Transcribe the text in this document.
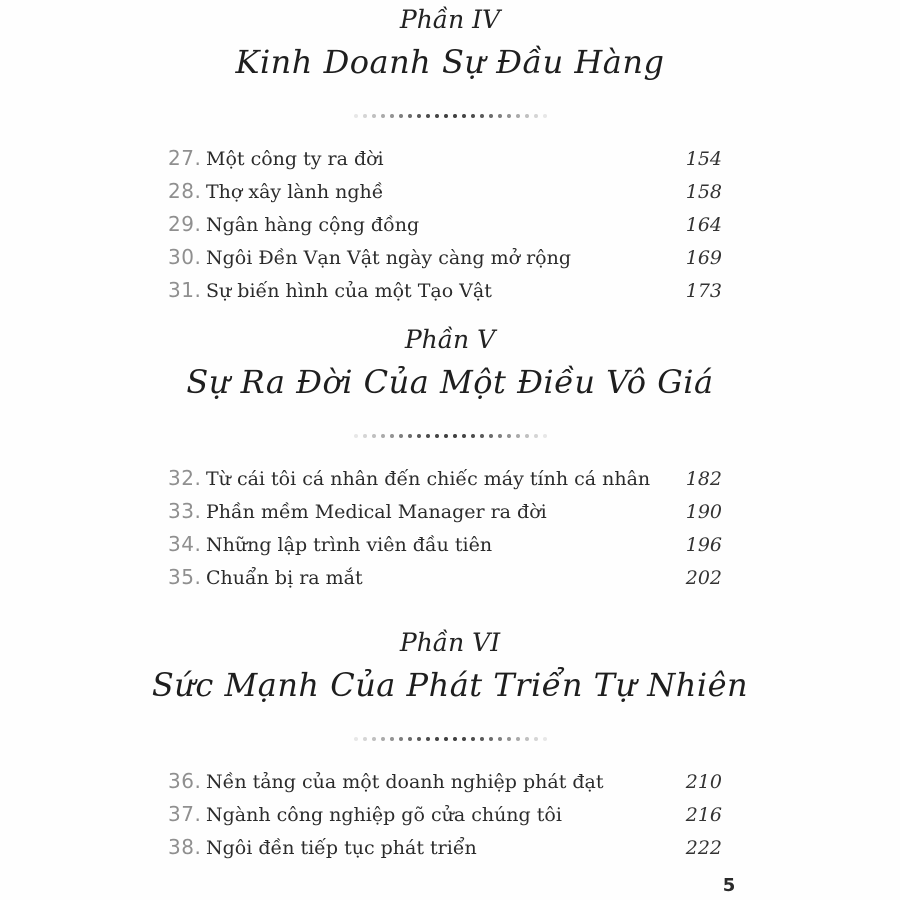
Phần IV
Kinh Doanh Sự Đầu Hàng
27. Một công ty ra đời	154
28. Thợ xây lành nghề	158
29. Ngân hàng cộng đồng	164
30. Ngôi Đền Vạn Vật ngày càng mở rộng	169
31. Sự biến hình của một Tạo Vật	173
Phần V
Sự Ra Đời Của Một Điều Vô Giá
32. Từ cái tôi cá nhân đến chiếc máy tính cá nhân	182
33. Phần mềm Medical Manager ra đời	190
34. Những lập trình viên đầu tiên	196
35. Chuẩn bị ra mắt	202
Phần VI
Sức Mạnh Của Phát Triển Tự Nhiên
36. Nền tảng của một doanh nghiệp phát đạt	210
37. Ngành công nghiệp gõ cửa chúng tôi	216
38. Ngôi đền tiếp tục phát triển	222
5
